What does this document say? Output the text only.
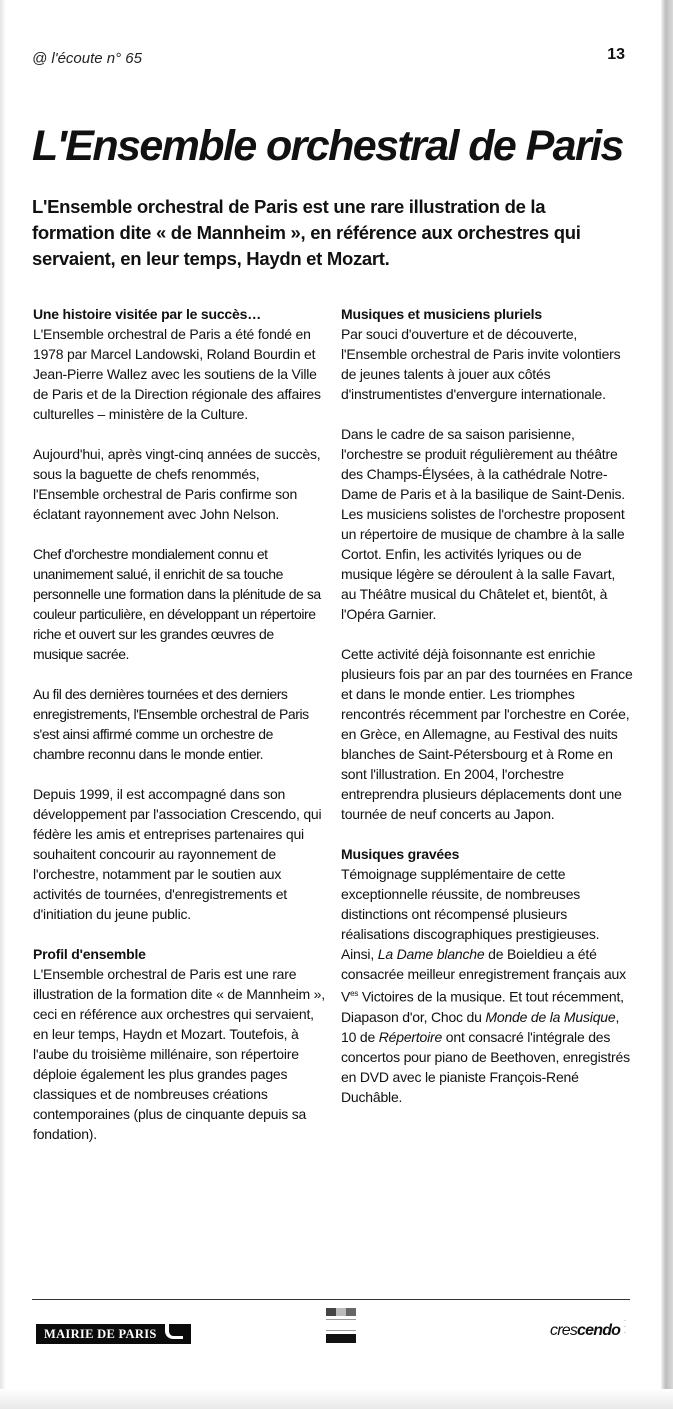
@ l'écoute n° 65	13
L'Ensemble orchestral de Paris

L'Ensemble orchestral de Paris est une rare illustration de la formation dite « de Mannheim », en référence aux orchestres qui servaient, en leur temps, Haydn et Mozart.

Une histoire visitée par le succès…

L'Ensemble orchestral de Paris a été fondé en 1978 par Marcel Landowski, Roland Bourdin et Jean-Pierre Wallez avec les soutiens de la Ville de Paris et de la Direction régionale des affaires culturelles – ministère de la Culture.

Aujourd'hui, après vingt-cinq années de succès, sous la baguette de chefs renommés, l'Ensemble orchestral de Paris confirme son éclatant rayonnement avec John Nelson.

Chef d'orchestre mondialement connu et unanimement salué, il enrichit de sa touche personnelle une formation dans la plénitude de sa couleur particulière, en développant un répertoire riche et ouvert sur les grandes œuvres de musique sacrée.

Au fil des dernières tournées et des derniers enregistrements, l'Ensemble orchestral de Paris s'est ainsi affirmé comme un orchestre de chambre reconnu dans le monde entier.

Depuis 1999, il est accompagné dans son développement par l'association Crescendo, qui fédère les amis et entreprises partenaires qui souhaitent concourir au rayonnement de l'orchestre, notamment par le soutien aux activités de tournées, d'enregistrements et d'initiation du jeune public.

Profil d'ensemble

L'Ensemble orchestral de Paris est une rare illustration de la formation dite « de Mannheim », ceci en référence aux orchestres qui servaient, en leur temps, Haydn et Mozart. Toutefois, à l'aube du troisième millénaire, son répertoire déploie également les plus grandes pages classiques et de nombreuses créations contemporaines (plus de cinquante depuis sa fondation).

Musiques et musiciens pluriels

Par souci d'ouverture et de découverte, l'Ensemble orchestral de Paris invite volontiers de jeunes talents à jouer aux côtés d'instrumentistes d'envergure internationale.

Dans le cadre de sa saison parisienne, l'orchestre se produit régulièrement au théâtre des Champs-Élysées, à la cathédrale Notre-Dame de Paris et à la basilique de Saint-Denis. Les musiciens solistes de l'orchestre proposent un répertoire de musique de chambre à la salle Cortot. Enfin, les activités lyriques ou de musique légère se déroulent à la salle Favart, au Théâtre musical du Châtelet et, bientôt, à l'Opéra Garnier.

Cette activité déjà foisonnante est enrichie plusieurs fois par an par des tournées en France et dans le monde entier. Les triomphes rencontrés récemment par l'orchestre en Corée, en Grèce, en Allemagne, au Festival des nuits blanches de Saint-Pétersbourg et à Rome en sont l'illustration. En 2004, l'orchestre entreprendra plusieurs déplacements dont une tournée de neuf concerts au Japon.

Musiques gravées

Témoignage supplémentaire de cette exceptionnelle réussite, de nombreuses distinctions ont récompensé plusieurs réalisations discographiques prestigieuses. Ainsi, La Dame blanche de Boieldieu a été consacrée meilleur enregistrement français aux $V^{es}$ Victoires de la musique. Et tout récemment, Diapason d'or, Choc du Monde de la Musique, 10 de Répertoire ont consacré l'intégrale des concertos pour piano de Beethoven, enregistrés en DVD avec le pianiste François-René Duchâble.

MAIRIE DE PARIS	crescendo
·
·
·
